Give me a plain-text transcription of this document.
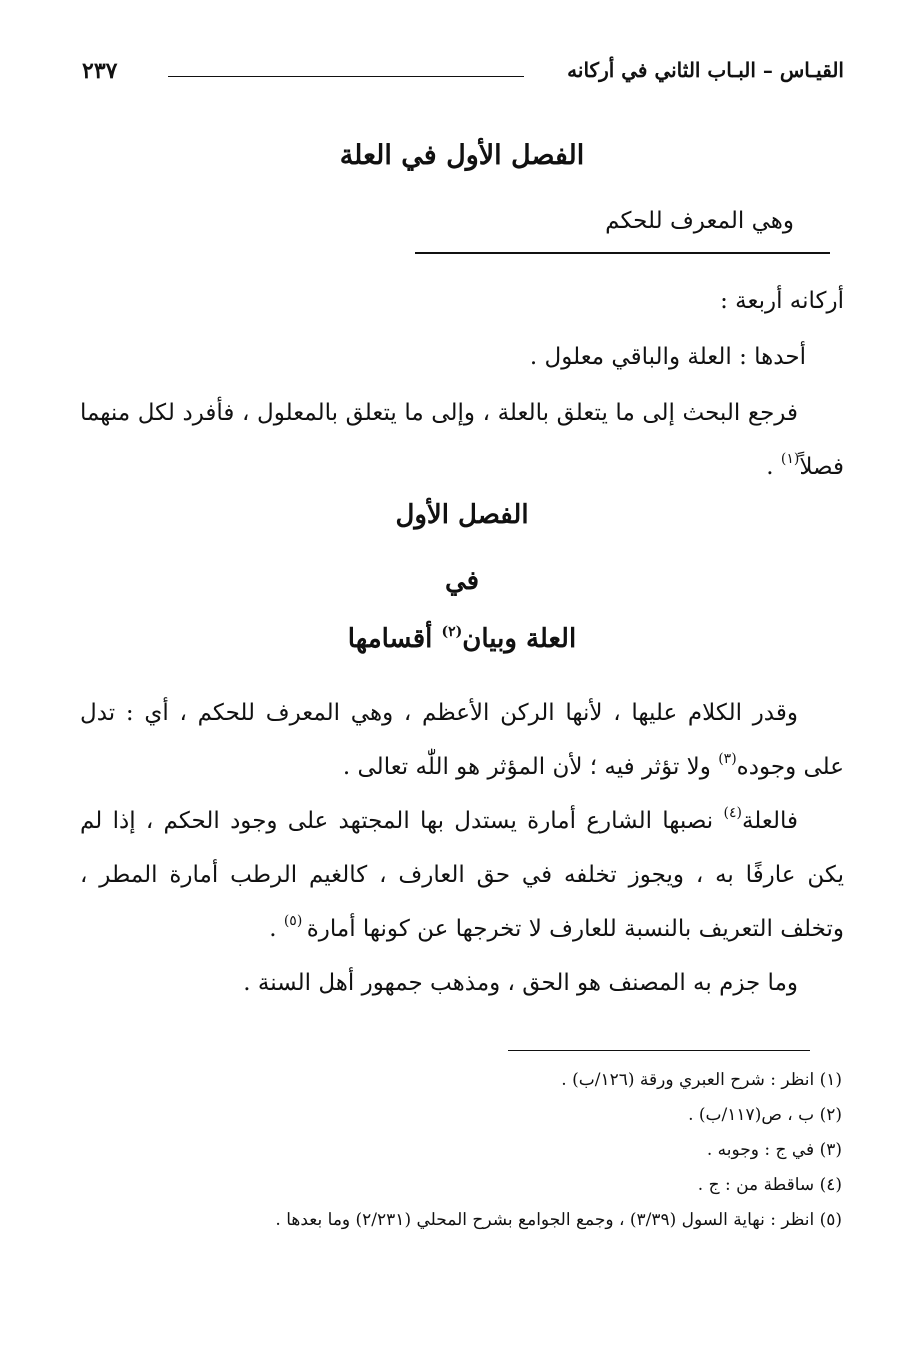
القيـاس – البـاب الثاني في أركانه
٢٣٧
الفصل الأول في العلة
وهي المعرف للحكم
أركانه أربعة :
أحدها : العلة والباقي معلول .
فرجع البحث إلى ما يتعلق بالعلة ، وإلى ما يتعلق بالمعلول ، فأفرد لكل منهما فصلاً$^{(١)}$ .
الفصل الأول
في
العلة وبيان$^{(٢)}$ أقسامها
وقدر الكلام عليها ، لأنها الركن الأعظم ، وهي المعرف للحكم ، أي : تدل على وجوده$^{(٣)}$ ولا تؤثر فيه ؛ لأن المؤثر هو اللّٰه تعالى .
فالعلة$^{(٤)}$ نصبها الشارع أمارة يستدل بها المجتهد على وجود الحكم ، إذا لم يكن عارفًا به ، ويجوز تخلفه في حق العارف ، كالغيم الرطب أمارة المطر ، وتخلف التعريف بالنسبة للعارف لا تخرجها عن كونها أمارة $^{(٥)}$ .
وما جزم به المصنف هو الحق ، ومذهب جمهور أهل السنة .
(١) انظر : شرح العبري ورقة (١٢٦/ب) .
(٢) ب ، ص(١١٧/ب) .
(٣) في ج : وجوبه .
(٤) ساقطة من : ج .
(٥) انظر : نهاية السول (٣/٣٩) ، وجمع الجوامع بشرح المحلي (٢/٢٣١) وما بعدها .
